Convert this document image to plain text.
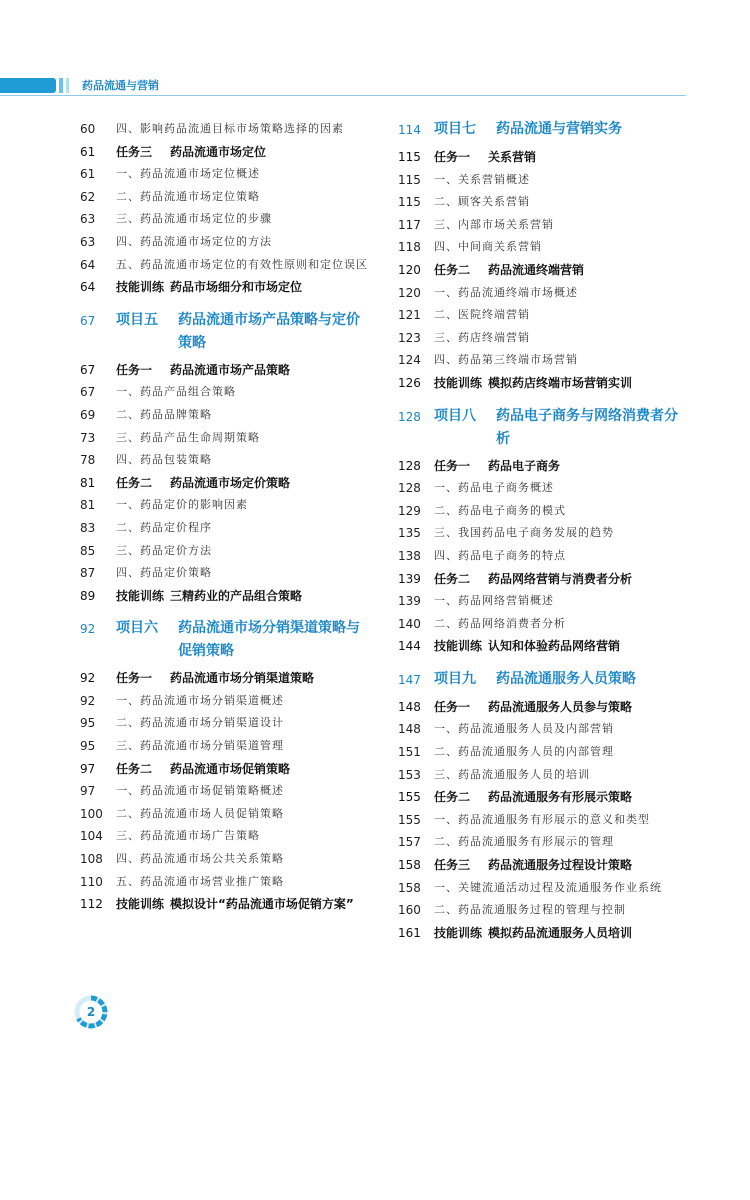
药品流通与营销
60	四、影响药品流通目标市场策略选择的因素
61	任务三 药品流通市场定位
61	一、药品流通市场定位概述
62	二、药品流通市场定位策略
63	三、药品流通市场定位的步骤
63	四、药品流通市场定位的方法
64	五、药品流通市场定位的有效性原则和定位误区
64	技能训练 药品市场细分和市场定位
67	项目五 药品流通市场产品策略与定价策略
67	任务一 药品流通市场产品策略
67	一、药品产品组合策略
69	二、药品品牌策略
73	三、药品产品生命周期策略
78	四、药品包装策略
81	任务二 药品流通市场定价策略
81	一、药品定价的影响因素
83	二、药品定价程序
85	三、药品定价方法
87	四、药品定价策略
89	技能训练 三精药业的产品组合策略
92	项目六 药品流通市场分销渠道策略与促销策略
92	任务一 药品流通市场分销渠道策略
92	一、药品流通市场分销渠道概述
95	二、药品流通市场分销渠道设计
95	三、药品流通市场分销渠道管理
97	任务二 药品流通市场促销策略
97	一、药品流通市场促销策略概述
100	二、药品流通市场人员促销策略
104	三、药品流通市场广告策略
108	四、药品流通市场公共关系策略
110	五、药品流通市场营业推广策略
112	技能训练 模拟设计“药品流通市场促销方案”
114 项目七 药品流通与营销实务
115	任务一 关系营销
115	一、关系营销概述
115	二、顾客关系营销
117	三、内部市场关系营销
118	四、中间商关系营销
120	任务二 药品流通终端营销
120	一、药品流通终端市场概述
121	二、医院终端营销
123	三、药店终端营销
124	四、药品第三终端市场营销
126	技能训练 模拟药店终端市场营销实训
128 项目八 药品电子商务与网络消费者分析
128	任务一 药品电子商务
128	一、药品电子商务概述
129	二、药品电子商务的模式
135	三、我国药品电子商务发展的趋势
138	四、药品电子商务的特点
139	任务二 药品网络营销与消费者分析
139	一、药品网络营销概述
140	二、药品网络消费者分析
144	技能训练 认知和体验药品网络营销
147 项目九 药品流通服务人员策略
148	任务一 药品流通服务人员参与策略
148	一、药品流通服务人员及内部营销
151	二、药品流通服务人员的内部管理
153	三、药品流通服务人员的培训
155	任务二 药品流通服务有形展示策略
155	一、药品流通服务有形展示的意义和类型
157	二、药品流通服务有形展示的管理
158	任务三 药品流通服务过程设计策略
158	一、关键流通活动过程及流通服务作业系统
160	二、药品流通服务过程的管理与控制
161	技能训练 模拟药品流通服务人员培训
2
